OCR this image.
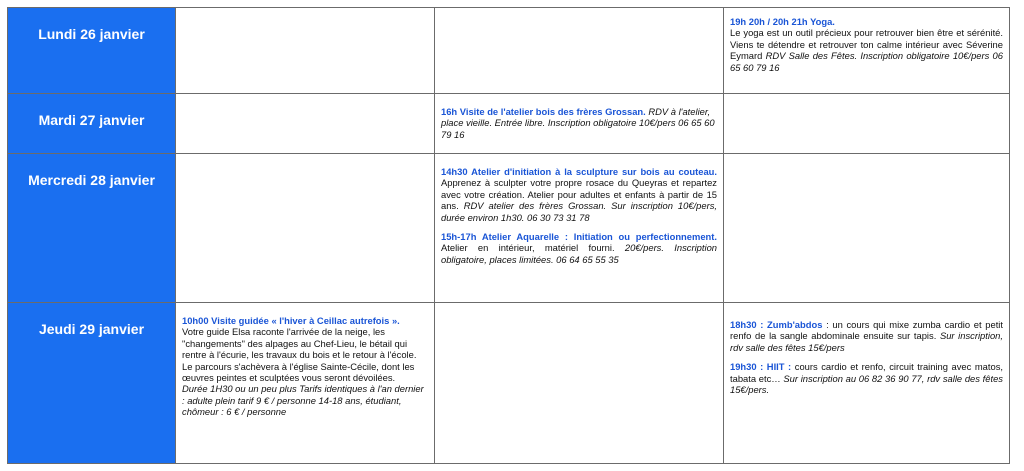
Lundi 26 janvier

19h 20h / 20h 21h Yoga.
Le yoga est un outil précieux pour retrouver bien être et sérénité. Viens te détendre et retrouver ton calme intérieur avec Séverine Eymard RDV Salle des Fêtes. Inscription obligatoire 10€/pers 06 65 60 79 16

Mardi 27 janvier

16h Visite de l'atelier bois des frères Grossan. RDV à l'atelier, place vieille. Entrée libre. Inscription obligatoire 10€/pers 06 65 60 79 16

Mercredi 28 janvier

14h30 Atelier d'initiation à la sculpture sur bois au couteau. Apprenez à sculpter votre propre rosace du Queyras et repartez avec votre création. Atelier pour adultes et enfants à partir de 15 ans. RDV atelier des frères Grossan. Sur inscription 10€/pers, durée environ 1h30. 06 30 73 31 78

15h-17h Atelier Aquarelle : Initiation ou perfectionnement. Atelier en intérieur, matériel fourni. 20€/pers. Inscription obligatoire, places limitées. 06 64 65 55 35

Jeudi 29 janvier

10h00 Visite guidée « l'hiver à Ceillac autrefois ».
Votre guide Elsa raconte l'arrivée de la neige, les "changements" des alpages au Chef-Lieu, le bétail qui rentre à l'écurie, les travaux du bois et le retour à l'école. Le parcours s'achèvera à l'église Sainte-Cécile, dont les œuvres peintes et sculptées vous seront dévoilées.
Durée 1H30 ou un peu plus Tarifs identiques à l'an dernier : adulte plein tarif 9 € / personne 14-18 ans, étudiant, chômeur : 6 € / personne

18h30 : Zumb'abdos : un cours qui mixe zumba cardio et petit renfo de la sangle abdominale ensuite sur tapis. Sur inscription, rdv salle des fêtes 15€/pers

19h30 : HIIT : cours cardio et renfo, circuit training avec matos, tabata etc… Sur inscription au 06 82 36 90 77, rdv salle des fêtes 15€/pers.
